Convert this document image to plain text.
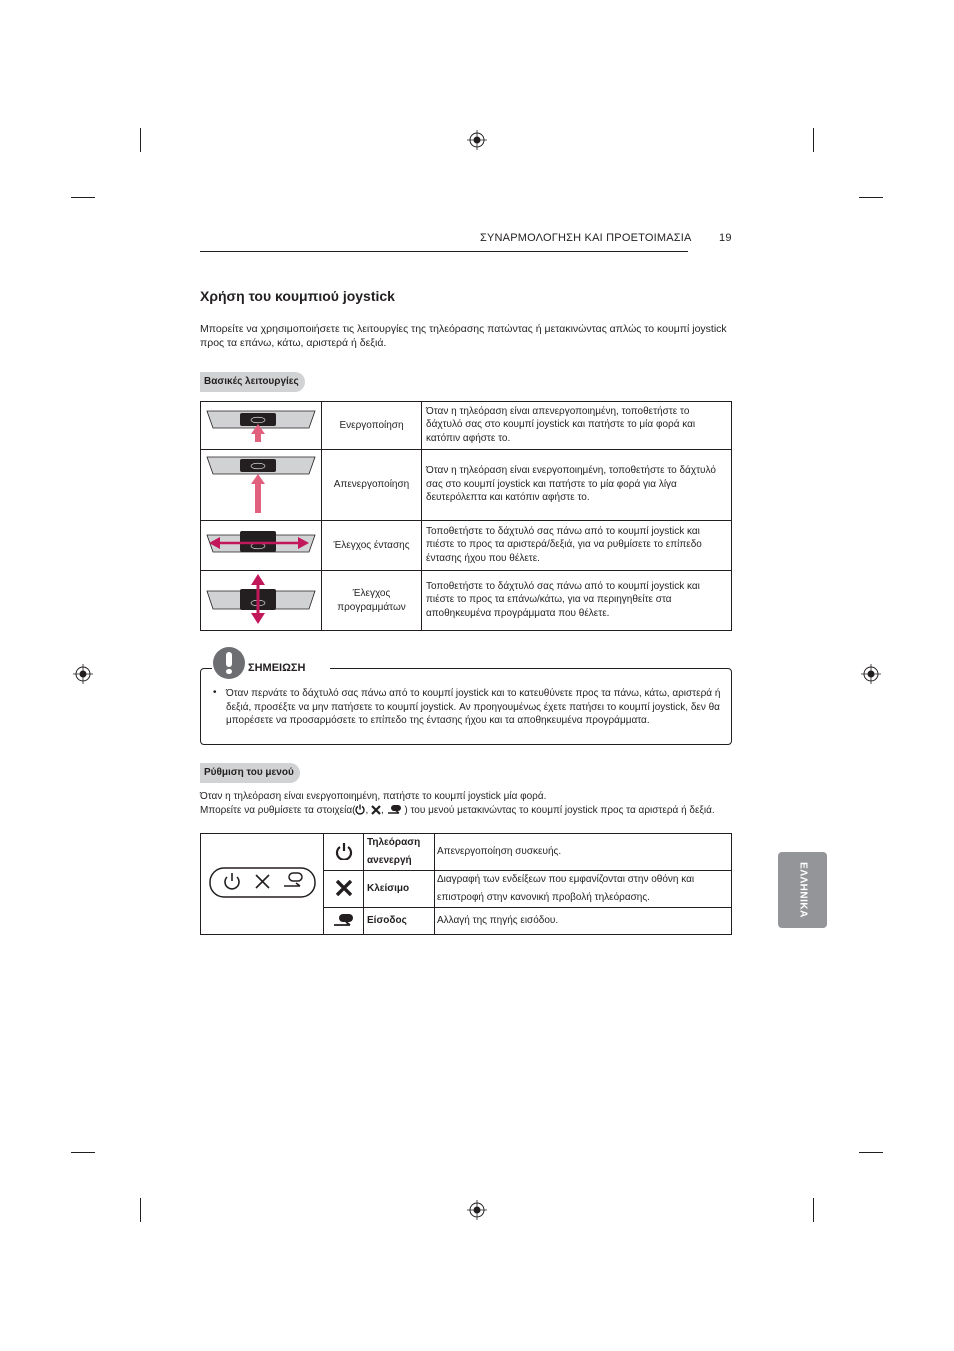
ΣΥΝΑΡΜΟΛΟΓΗΣΗ ΚΑΙ ΠΡΟΕΤΟΙΜΑΣΙΑ 19
Χρήση του κουμπιού joystick
Μπορείτε να χρησιμοποιήσετε τις λειτουργίες της τηλεόρασης πατώντας ή μετακινώντας απλώς το κουμπί joystick προς τα επάνω, κάτω, αριστερά ή δεξιά.
Βασικές λειτουργίες
	Ενεργοποίηση	Όταν η τηλεόραση είναι απενεργοποιημένη, τοποθετήστε το δάχτυλό σας στο κουμπί joystick και πατήστε το μία φορά και κατόπιν αφήστε το.
	Απενεργοποίηση	Όταν η τηλεόραση είναι ενεργοποιημένη, τοποθετήστε το δάχτυλό σας στο κουμπί joystick και πατήστε το μία φορά για λίγα δευτερόλεπτα και κατόπιν αφήστε το.
	Έλεγχος έντασης	Τοποθετήστε το δάχτυλό σας πάνω από το κουμπί joystick και πιέστε το προς τα αριστερά/δεξιά, για να ρυθμίσετε το επίπεδο έντασης ήχου που θέλετε.
	Έλεγχος προγραμμάτων	Τοποθετήστε το δάχτυλό σας πάνω από το κουμπί joystick και πιέστε το προς τα επάνω/κάτω, για να περιηγηθείτε στα αποθηκευμένα προγράμματα που θέλετε.
ΣΗΜΕΙΩΣΗ
• Όταν περνάτε το δάχτυλό σας πάνω από το κουμπί joystick και το κατευθύνετε προς τα πάνω, κάτω, αριστερά ή δεξιά, προσέξτε να μην πατήσετε το κουμπί joystick. Αν προηγουμένως έχετε πατήσει το κουμπί joystick, δεν θα μπορέσετε να προσαρμόσετε το επίπεδο της έντασης ήχου και τα αποθηκευμένα προγράμματα.
Ρύθμιση του μενού
Όταν η τηλεόραση είναι ενεργοποιημένη, πατήστε το κουμπί joystick μία φορά.
Μπορείτε να ρυθμίσετε τα στοιχεία( , , ) του μενού μετακινώντας το κουμπί joystick προς τα αριστερά ή δεξιά.
		Τηλεόραση ανενεργή	Απενεργοποίηση συσκευής.
	Κλείσιμο	Διαγραφή των ενδείξεων που εμφανίζονται στην οθόνη και επιστροφή στην κανονική προβολή τηλεόρασης.
	Είσοδος	Αλλαγή της πηγής εισόδου.
ΕΛΛΗΝΙΚΑ
